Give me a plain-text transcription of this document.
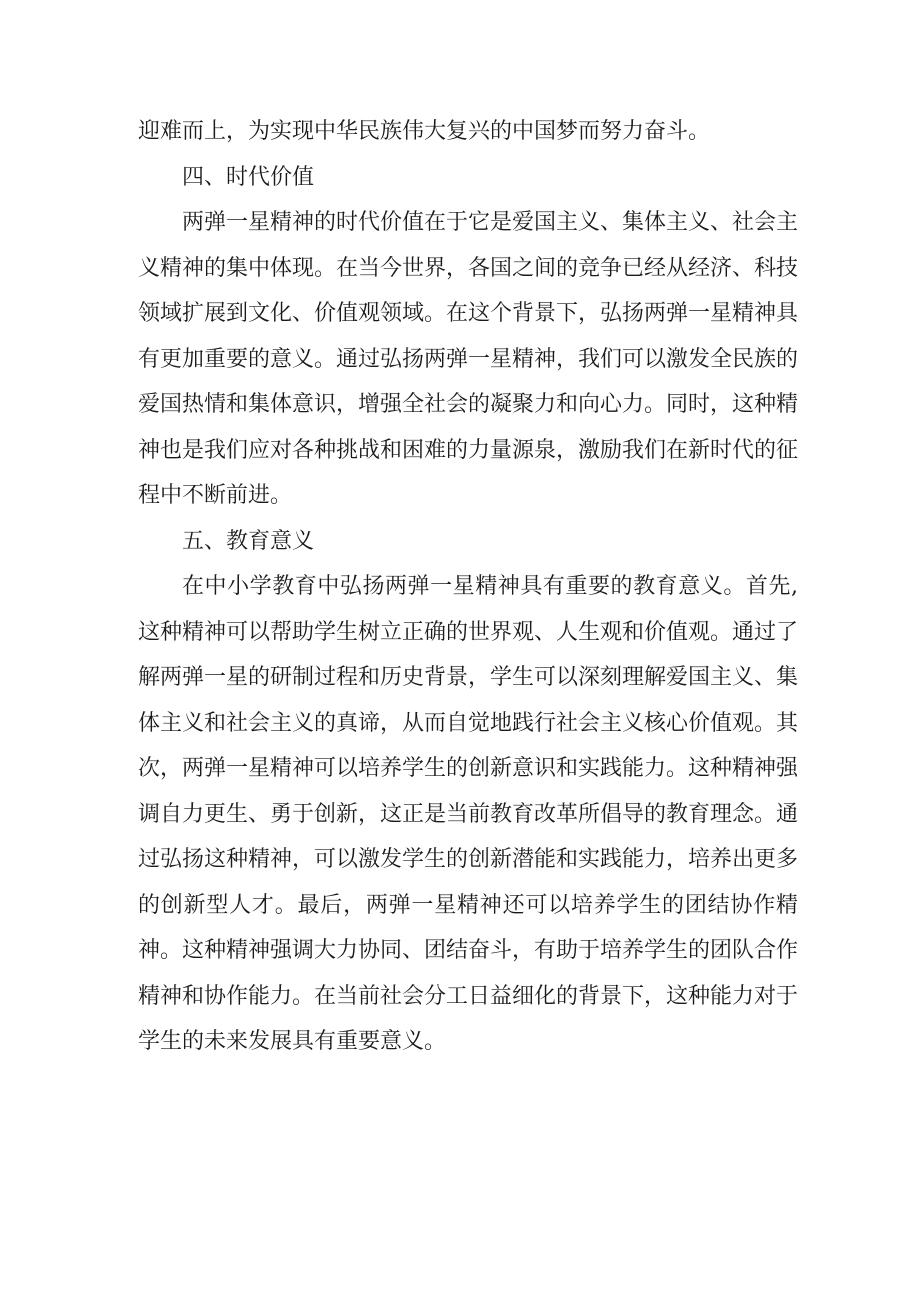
迎难而上，为实现中华民族伟大复兴的中国梦而努力奋斗。

四、时代价值

两弹一星精神的时代价值在于它是爱国主义、集体主义、社会主义精神的集中体现。在当今世界，各国之间的竞争已经从经济、科技领域扩展到文化、价值观领域。在这个背景下，弘扬两弹一星精神具有更加重要的意义。通过弘扬两弹一星精神，我们可以激发全民族的爱国热情和集体意识，增强全社会的凝聚力和向心力。同时，这种精神也是我们应对各种挑战和困难的力量源泉，激励我们在新时代的征程中不断前进。

五、教育意义

在中小学教育中弘扬两弹一星精神具有重要的教育意义。首先,这种精神可以帮助学生树立正确的世界观、人生观和价值观。通过了解两弹一星的研制过程和历史背景，学生可以深刻理解爱国主义、集体主义和社会主义的真谛，从而自觉地践行社会主义核心价值观。其次，两弹一星精神可以培养学生的创新意识和实践能力。这种精神强调自力更生、勇于创新，这正是当前教育改革所倡导的教育理念。通过弘扬这种精神，可以激发学生的创新潜能和实践能力，培养出更多的创新型人才。最后，两弹一星精神还可以培养学生的团结协作精神。这种精神强调大力协同、团结奋斗，有助于培养学生的团队合作精神和协作能力。在当前社会分工日益细化的背景下，这种能力对于学生的未来发展具有重要意义。
